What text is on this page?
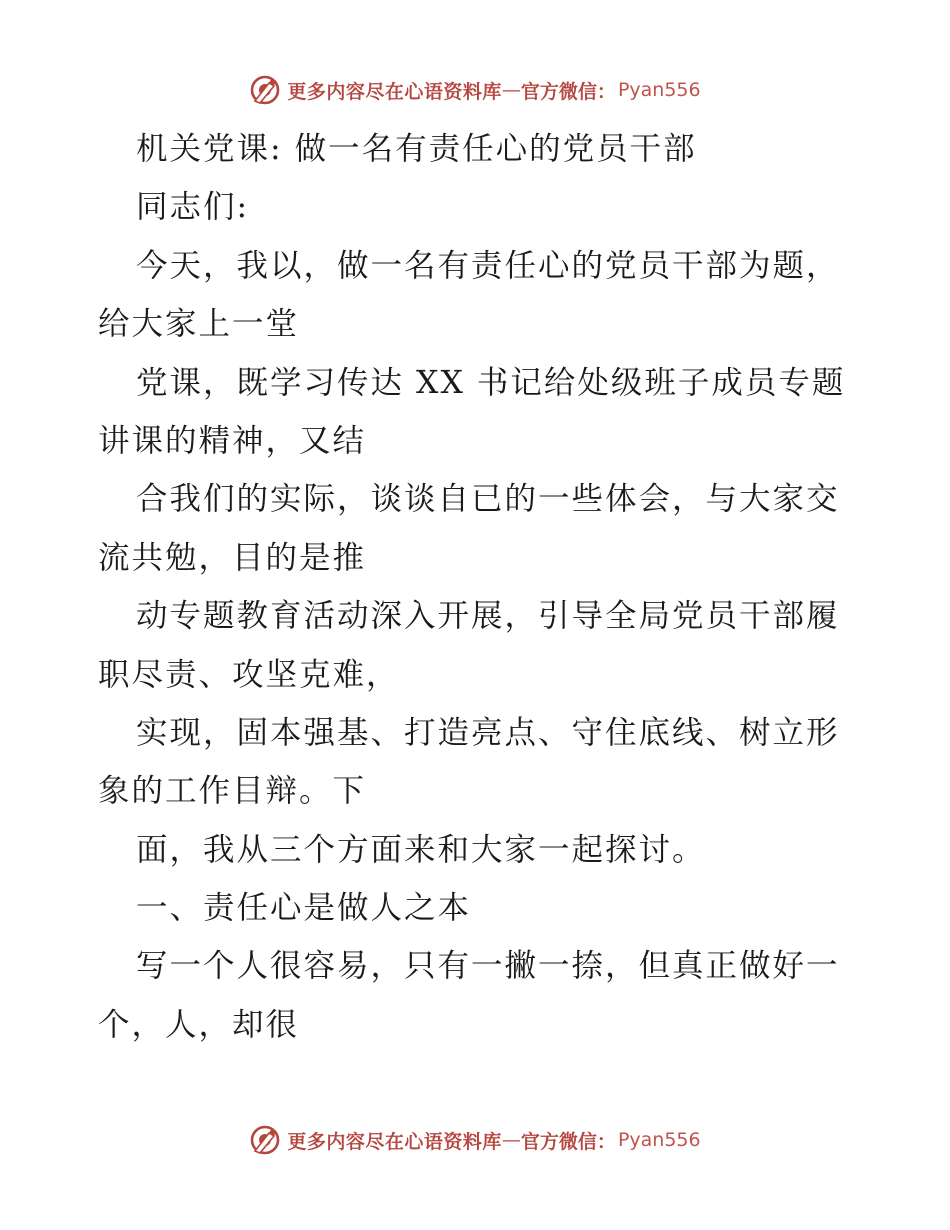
更多内容尽在心语资料库 — 官方微信： Pyan556
机关党课: 做一名有责任心的党员干部
同志们:
今天，我以，做一名有责任心的党员干部为题，
给大家上一堂
党课，既学习传达 XX 书记给处级班子成员专题
讲课的精神，又结
合我们的实际，谈谈自已的一些体会，与大家交
流共勉，目的是推
动专题教育活动深入开展，引导全局党员干部履
职尽责、攻坚克难，
实现，固本强基、打造亮点、守住底线、树立形
象的工作目辩。下
面，我从三个方面来和大家一起探讨。
一、责任心是做人之本
写一个人很容易，只有一撇一捺，但真正做好一
个，人，却很
更多内容尽在心语资料库 — 官方微信： Pyan556
